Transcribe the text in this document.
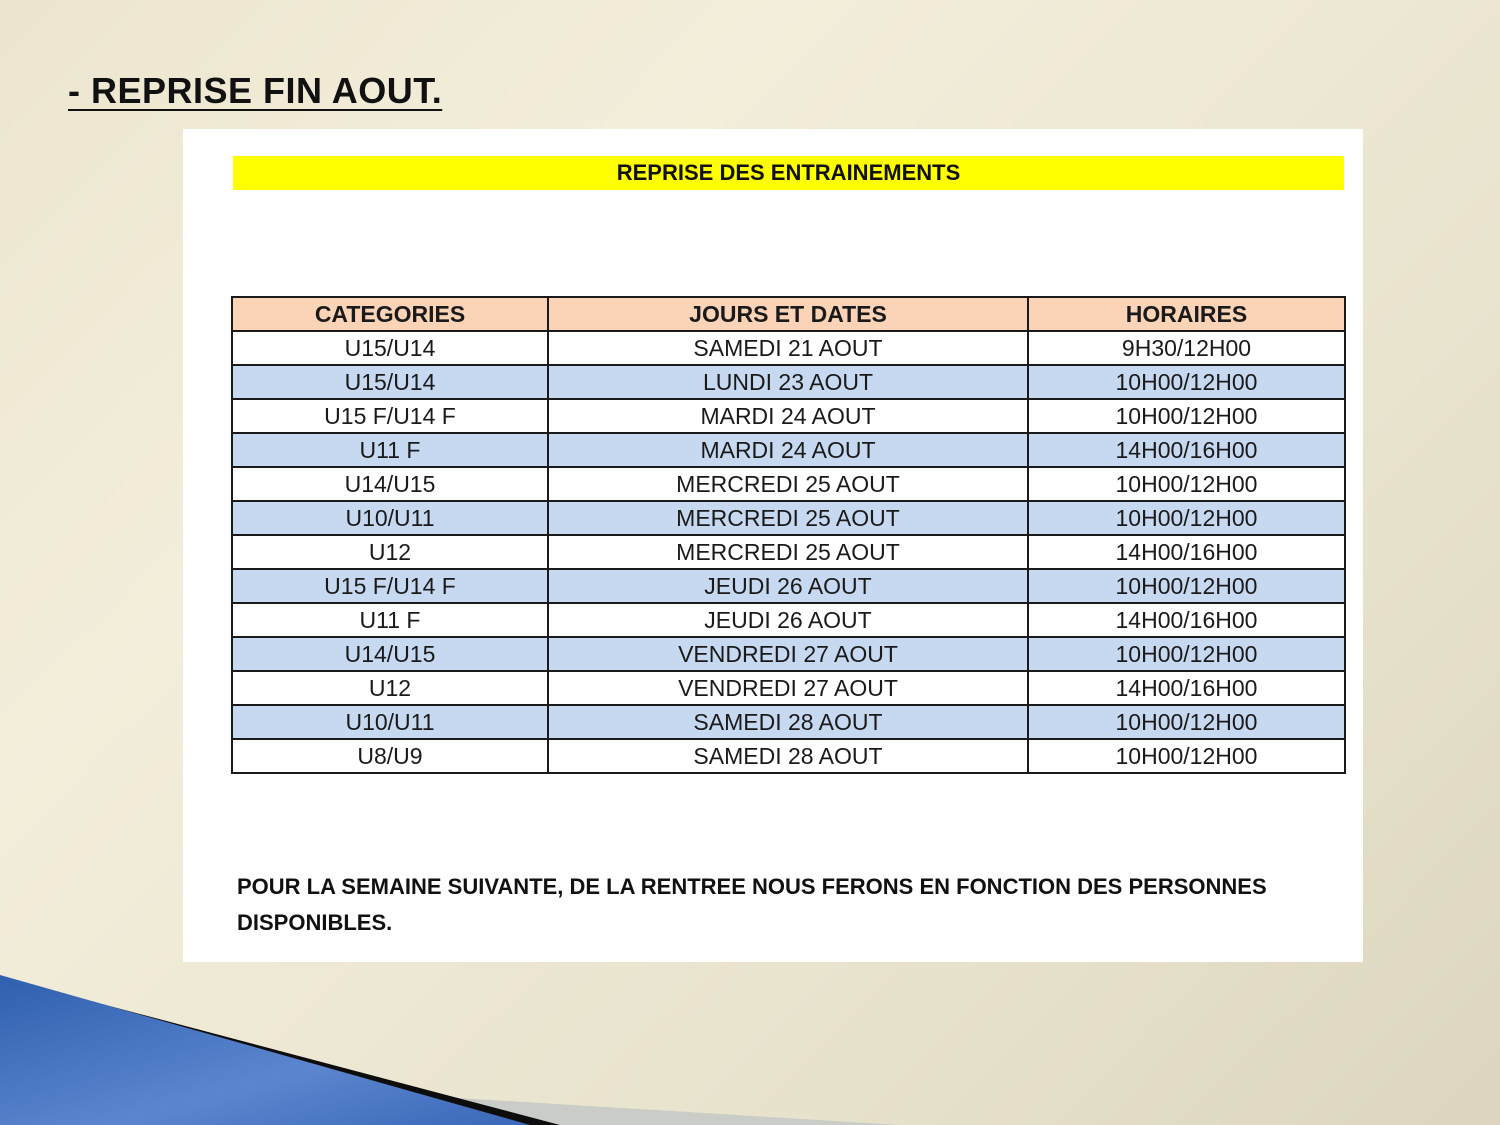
- REPRISE FIN AOUT.
REPRISE DES ENTRAINEMENTS
CATEGORIES	JOURS ET DATES	HORAIRES
U15/U14	SAMEDI 21 AOUT	9H30/12H00
U15/U14	LUNDI 23 AOUT	10H00/12H00
U15 F/U14 F	MARDI 24 AOUT	10H00/12H00
U11 F	MARDI 24 AOUT	14H00/16H00
U14/U15	MERCREDI 25 AOUT	10H00/12H00
U10/U11	MERCREDI 25 AOUT	10H00/12H00
U12	MERCREDI 25 AOUT	14H00/16H00
U15 F/U14 F	JEUDI 26 AOUT	10H00/12H00
U11 F	JEUDI 26 AOUT	14H00/16H00
U14/U15	VENDREDI 27 AOUT	10H00/12H00
U12	VENDREDI 27 AOUT	14H00/16H00
U10/U11	SAMEDI 28 AOUT	10H00/12H00
U8/U9	SAMEDI 28 AOUT	10H00/12H00
POUR LA SEMAINE SUIVANTE, DE LA RENTREE NOUS FERONS EN FONCTION DES PERSONNES DISPONIBLES.
